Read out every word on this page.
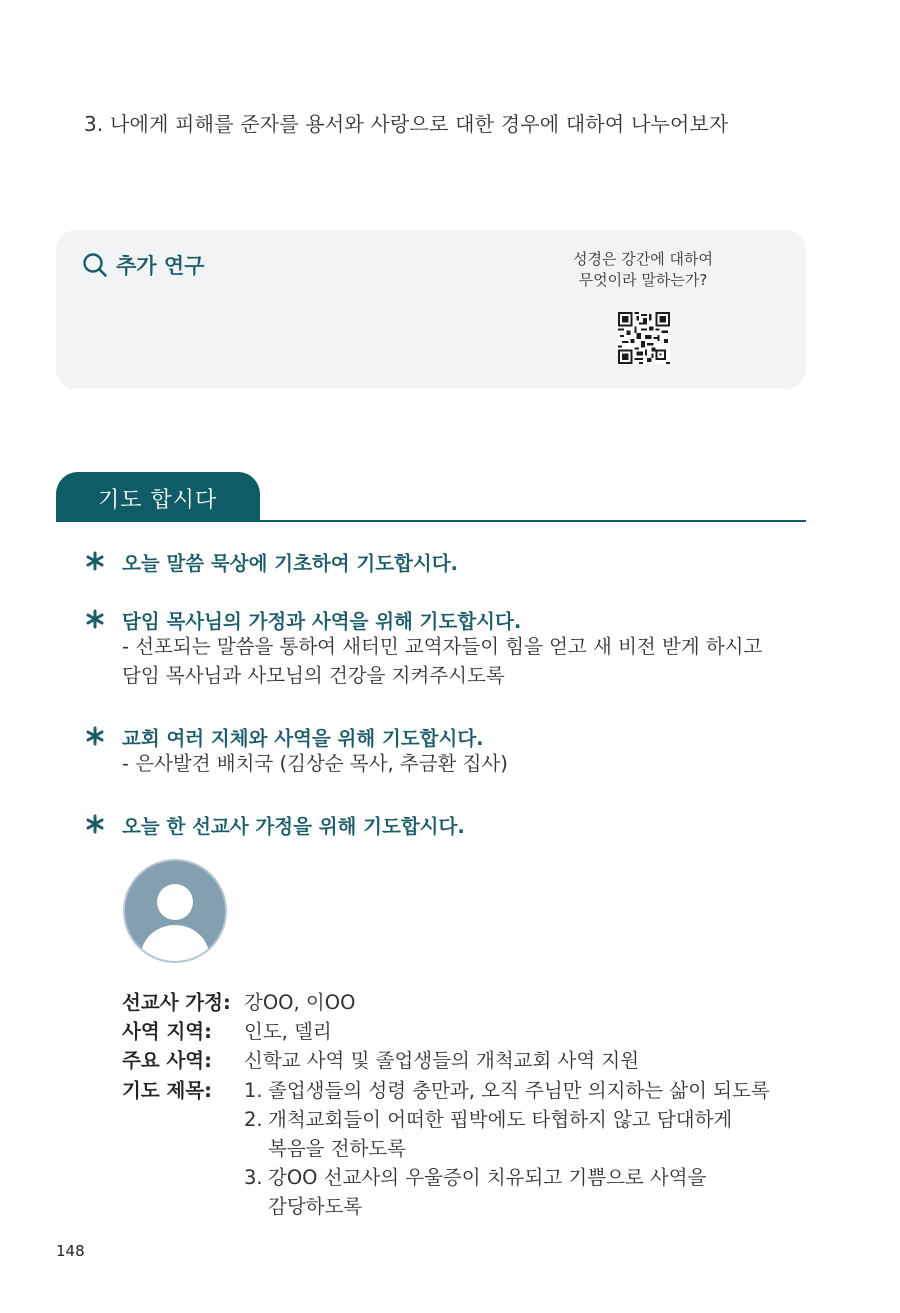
3. 나에게 피해를 준자를 용서와 사랑으로 대한 경우에 대하여 나누어보자
추가 연구	성경은 강간에 대하여
무엇이라 말하는가?
기도 합시다
오늘 말씀 묵상에 기초하여 기도합시다.
담임 목사님의 가정과 사역을 위해 기도합시다.
- 선포되는 말씀을 통하여 새터민 교역자들이 힘을 얻고 새 비전 받게 하시고
담임 목사님과 사모님의 건강을 지켜주시도록
교회 여러 지체와 사역을 위해 기도합시다.
- 은사발견 배치국 (김상순 목사, 추금환 집사)
오늘 한 선교사 가정을 위해 기도합시다.
선교사 가정: 강OO, 이OO
사역 지역:	인도, 델리
주요 사역:	신학교 사역 및 졸업생들의 개척교회 사역 지원
기도 제목:	1. 졸업생들의 성령 충만과, 오직 주님만 의지하는 삶이 되도록
2. 개척교회들이 어떠한 핍박에도 타협하지 않고 담대하게
복음을 전하도록
3. 강OO 선교사의 우울증이 치유되고 기쁨으로 사역을
감당하도록
148
